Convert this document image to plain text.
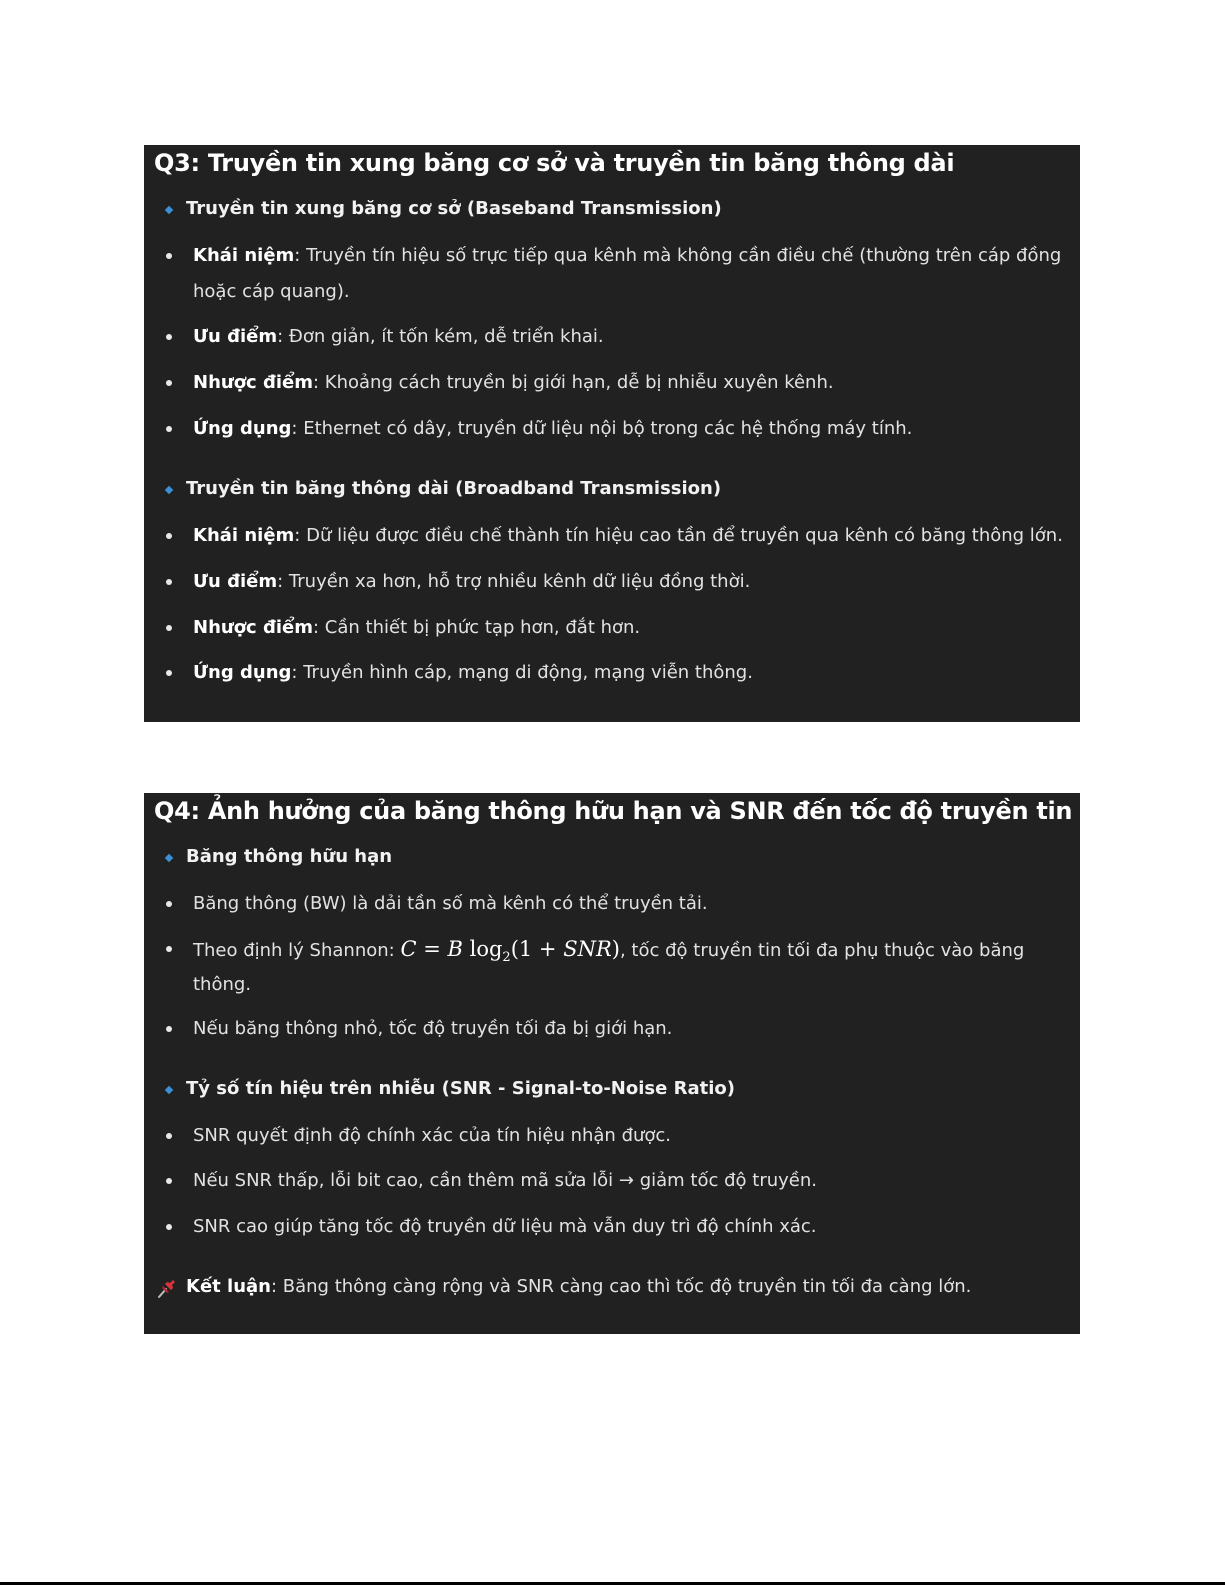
Q3: Truyền tin xung băng cơ sở và truyền tin băng thông dài
Truyền tin xung băng cơ sở (Baseband Transmission)
Khái niệm: Truyền tín hiệu số trực tiếp qua kênh mà không cần điều chế (thường trên cáp đồng
hoặc cáp quang).
Ưu điểm: Đơn giản, ít tốn kém, dễ triển khai.
Nhược điểm: Khoảng cách truyền bị giới hạn, dễ bị nhiễu xuyên kênh.
Ứng dụng: Ethernet có dây, truyền dữ liệu nội bộ trong các hệ thống máy tính.
Truyền tin băng thông dài (Broadband Transmission)
Khái niệm: Dữ liệu được điều chế thành tín hiệu cao tần để truyền qua kênh có băng thông lớn.
Ưu điểm: Truyền xa hơn, hỗ trợ nhiều kênh dữ liệu đồng thời.
Nhược điểm: Cần thiết bị phức tạp hơn, đắt hơn.
Ứng dụng: Truyền hình cáp, mạng di động, mạng viễn thông.
Q4: Ảnh hưởng của băng thông hữu hạn và SNR đến tốc độ truyền tin tối đa
Băng thông hữu hạn
Băng thông (BW) là dải tần số mà kênh có thể truyền tải.
Theo định lý Shannon: C = B $\log_2(1 + SNR)$, tốc độ truyền tin tối đa phụ thuộc vào băng
thông.
Nếu băng thông nhỏ, tốc độ truyền tối đa bị giới hạn.
Tỷ số tín hiệu trên nhiễu (SNR - Signal-to-Noise Ratio)
SNR quyết định độ chính xác của tín hiệu nhận được.
Nếu SNR thấp, lỗi bit cao, cần thêm mã sửa lỗi → giảm tốc độ truyền.
SNR cao giúp tăng tốc độ truyền dữ liệu mà vẫn duy trì độ chính xác.
Kết luận: Băng thông càng rộng và SNR càng cao thì tốc độ truyền tin tối đa càng lớn.
